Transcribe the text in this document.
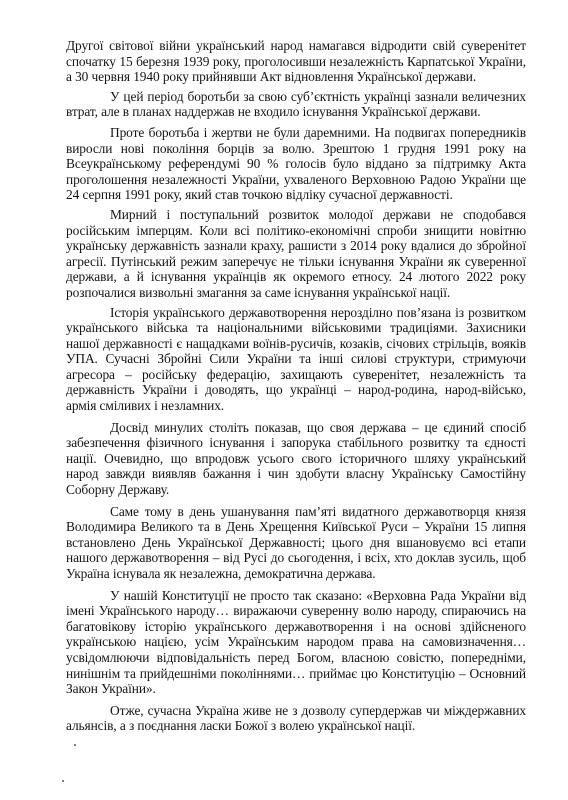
Другої світової війни український народ намагався відродити свій суверенітет спочатку 15 березня 1939 року, проголосивши незалежність Карпатської України, а 30 червня 1940 року прийнявши Акт відновлення Української держави.

У цей період боротьби за свою суб’єктність українці зазнали величезних втрат, але в планах наддержав не входило існування Української держави.

Проте боротьба і жертви не були даремними. На подвигах попередників виросли нові покоління борців за волю. Зрештою 1 грудня 1991 року на Всеукраїнському референдумі 90 % голосів було віддано за підтримку Акта проголошення незалежності України, ухваленого Верховною Радою України ще 24 серпня 1991 року, який став точкою відліку сучасної державності.

Мирний і поступальний розвиток молодої держави не сподобався російським імперцям. Коли всі політико-економічні спроби знищити новітню українську державність зазнали краху, рашисти з 2014 року вдалися до збройної агресії. Путінський режим заперечує не тільки існування України як суверенної держави, а й існування українців як окремого етносу. 24 лютого 2022 року розпочалися визвольні змагання за саме існування української нації.

Історія українського державотворення нерозділно пов’язана із розвитком українського війська та національними військовими традиціями. Захисники нашої державності є нащадками воїнів-русичів, козаків, січових стрільців, вояків УПА. Сучасні Збройні Сили України та інші силові структури, стримуючи агресора – російську федерацію, захищають суверенітет, незалежність та державність України і доводять, що українці – народ-родина, народ-військо, армія сміливих і незламних.

Досвід минулих століть показав, що своя держава – це єдиний спосіб забезпечення фізичного існування і запорука стабільного розвитку та єдності нації. Очевидно, що впродовж усього свого історичного шляху український народ завжди виявляв бажання і чин здобути власну Українську Самостійну Соборну Державу.

Саме тому в день ушанування пам’яті видатного державотворця князя Володимира Великого та в День Хрещення Київської Руси – України 15 липня встановлено День Української Державності; цього дня вшановуємо всі етапи нашого державотворення – від Русі до сьогодення, і всіх, хто доклав зусиль, щоб Україна існувала як незалежна, демократична держава.

У нашій Конституції не просто так сказано: «Верховна Рада України від імені Українського народу… виражаючи суверенну волю народу, спираючись на багатовікову історію українського державотворення і на основі здійсненого українською нацією, усім Українським народом права на самовизначення… усвідомлюючи відповідальність перед Богом, власною совістю, попередніми, нинішнім та прийдешніми поколіннями… приймає цю Конституцію – Основний Закон України».

Отже, сучасна Україна живе не з дозволу супердержав чи міждержавних альянсів, а з поєднання ласки Божої з волею української нації.
